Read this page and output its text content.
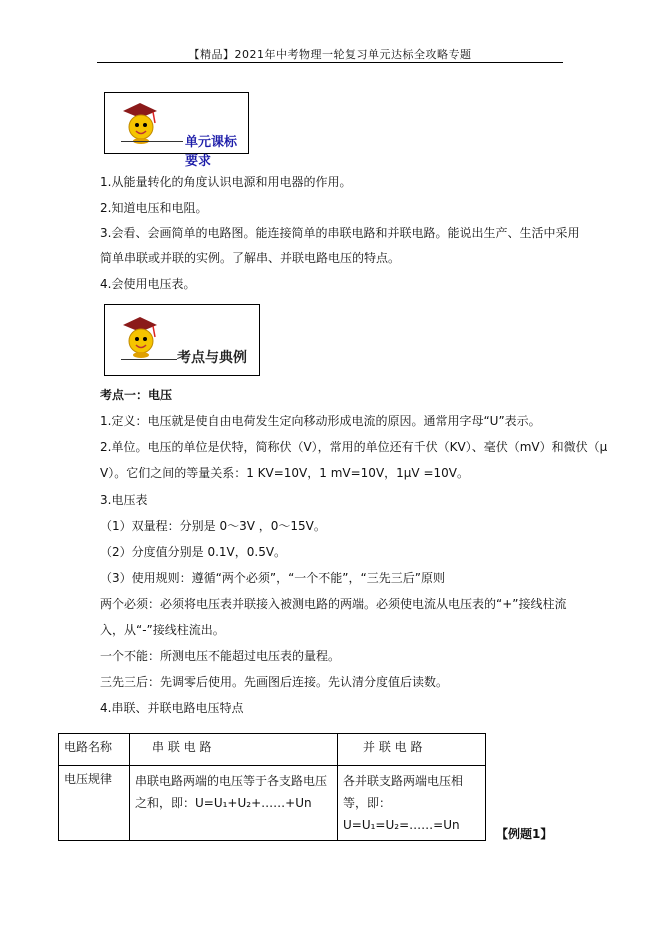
【精品】2021年中考物理一轮复习单元达标全攻略专题
单元课标要求
1.从能量转化的角度认识电源和用电器的作用。
2.知道电压和电阻。
3.会看、会画简单的电路图。能连接简单的串联电路和并联电路。能说出生产、生活中采用
简单串联或并联的实例。了解串、并联电路电压的特点。
4.会使用电压表。
考点与典例
考点一：电压
1.定义：电压就是使自由电荷发生定向移动形成电流的原因。通常用字母“U”表示。
2.单位。电压的单位是伏特，简称伏（V），常用的单位还有千伏（KV）、毫伏（mV）和微伏（μ
V）。它们之间的等量关系：1 KV=10V，1 mV=10V，1μV =10V。
3.电压表
（1）双量程：分别是 0～3V ，0～15V。
（2）分度值分别是 0.1V，0.5V。
（3）使用规则：遵循“两个必须”，“一个不能”，“三先三后”原则
两个必须：必须将电压表并联接入被测电路的两端。必须使电流从电压表的“+”接线柱流
入，从“-”接线柱流出。
一个不能：所测电压不能超过电压表的量程。
三先三后：先调零后使用。先画图后连接。先认清分度值后读数。
4.串联、并联电路电压特点
电路名称	串 联 电 路	并 联 电 路
电压规律	串联电路两端的电压等于各支路电压之和，即：U=U₁+U₂+……+Un	各并联支路两端电压相等，即：U=U₁=U₂=……=Un
【例题1】
